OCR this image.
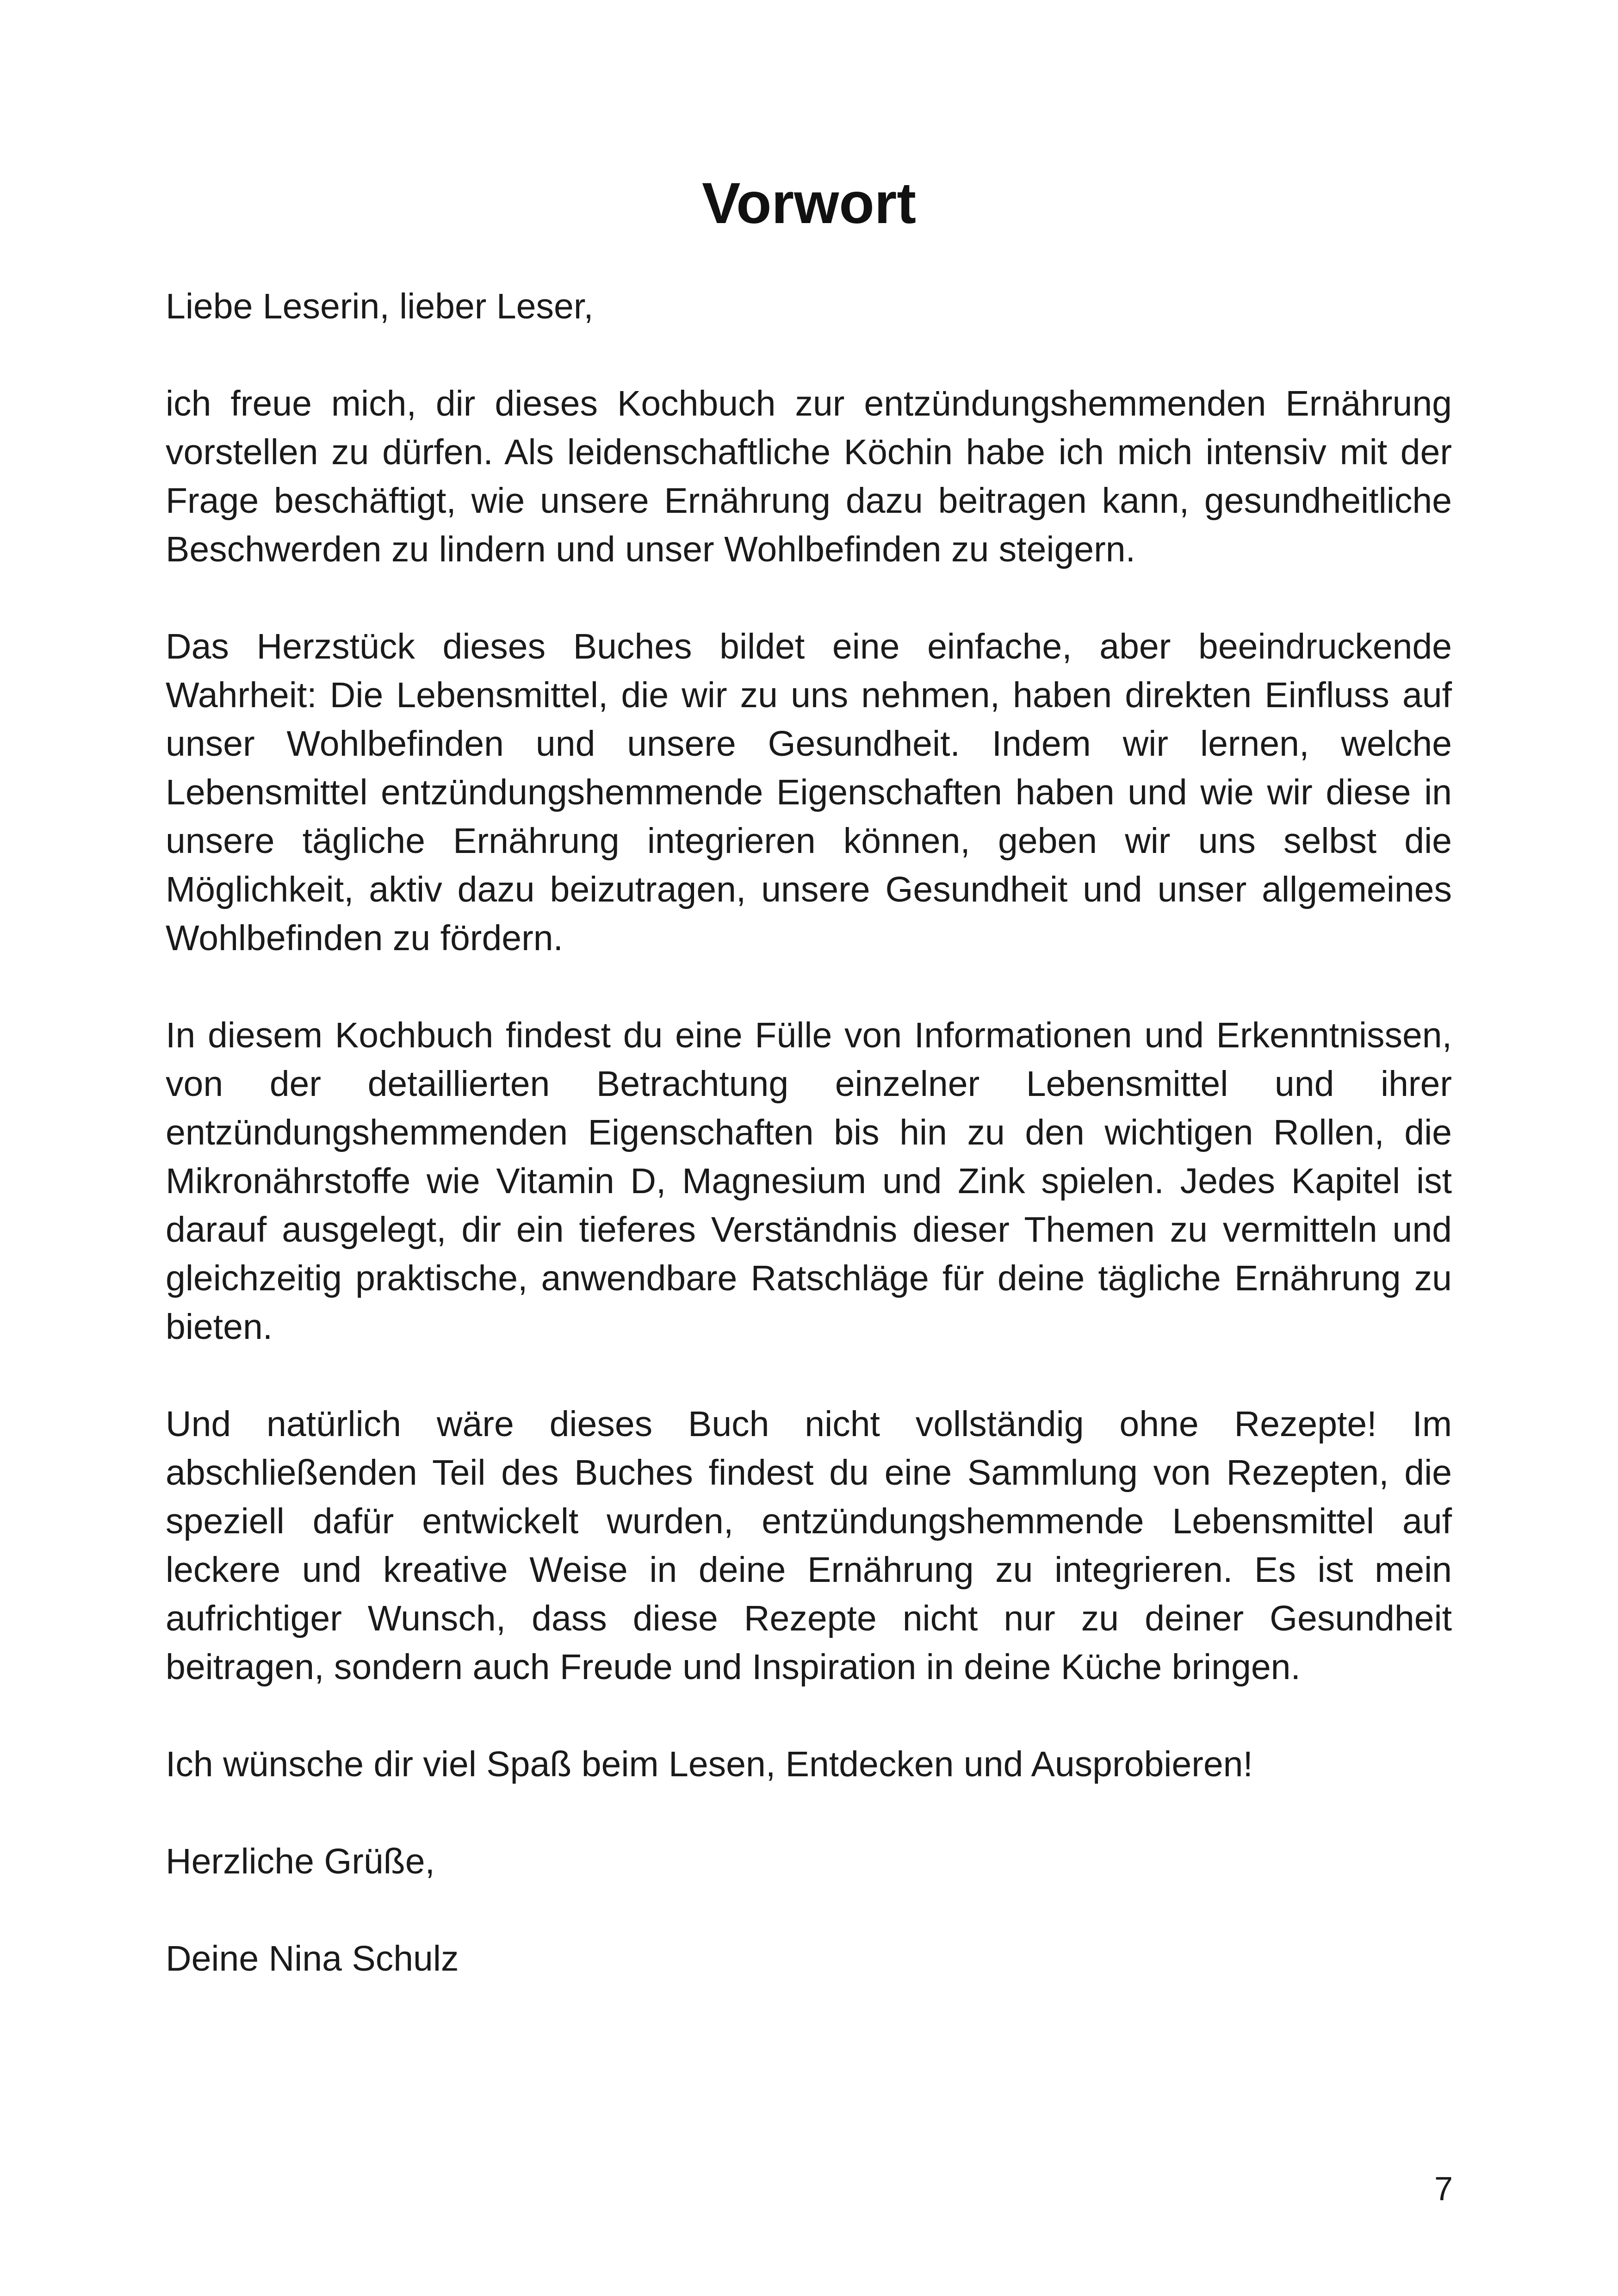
Vorwort

Liebe Leserin, lieber Leser,

ich freue mich, dir dieses Kochbuch zur entzündungshemmenden Ernährung vorstellen zu dürfen. Als leidenschaftliche Köchin habe ich mich intensiv mit der Frage beschäftigt, wie unsere Ernährung dazu beitragen kann, gesundheitliche Beschwerden zu lindern und unser Wohlbefinden zu steigern.

Das Herzstück dieses Buches bildet eine einfache, aber beeindruckende Wahrheit: Die Lebensmittel, die wir zu uns nehmen, haben direkten Einfluss auf unser Wohlbefinden und unsere Gesundheit. Indem wir lernen, welche Lebensmittel entzündungshemmende Eigenschaften haben und wie wir diese in unsere tägliche Ernährung integrieren können, geben wir uns selbst die Möglichkeit, aktiv dazu beizutragen, unsere Gesundheit und unser allgemeines Wohlbefinden zu fördern.

In diesem Kochbuch findest du eine Fülle von Informationen und Erkenntnissen, von der detaillierten Betrachtung einzelner Lebensmittel und ihrer entzündungshemmenden Eigenschaften bis hin zu den wichtigen Rollen, die Mikronährstoffe wie Vitamin D, Magnesium und Zink spielen. Jedes Kapitel ist darauf ausgelegt, dir ein tieferes Verständnis dieser Themen zu vermitteln und gleichzeitig praktische, anwendbare Ratschläge für deine tägliche Ernährung zu bieten.

Und natürlich wäre dieses Buch nicht vollständig ohne Rezepte! Im abschließenden Teil des Buches findest du eine Sammlung von Rezepten, die speziell dafür entwickelt wurden, entzündungshemmende Lebensmittel auf leckere und kreative Weise in deine Ernährung zu integrieren. Es ist mein aufrichtiger Wunsch, dass diese Rezepte nicht nur zu deiner Gesundheit beitragen, sondern auch Freude und Inspiration in deine Küche bringen.

Ich wünsche dir viel Spaß beim Lesen, Entdecken und Ausprobieren!

Herzliche Grüße,

Deine Nina Schulz

7
